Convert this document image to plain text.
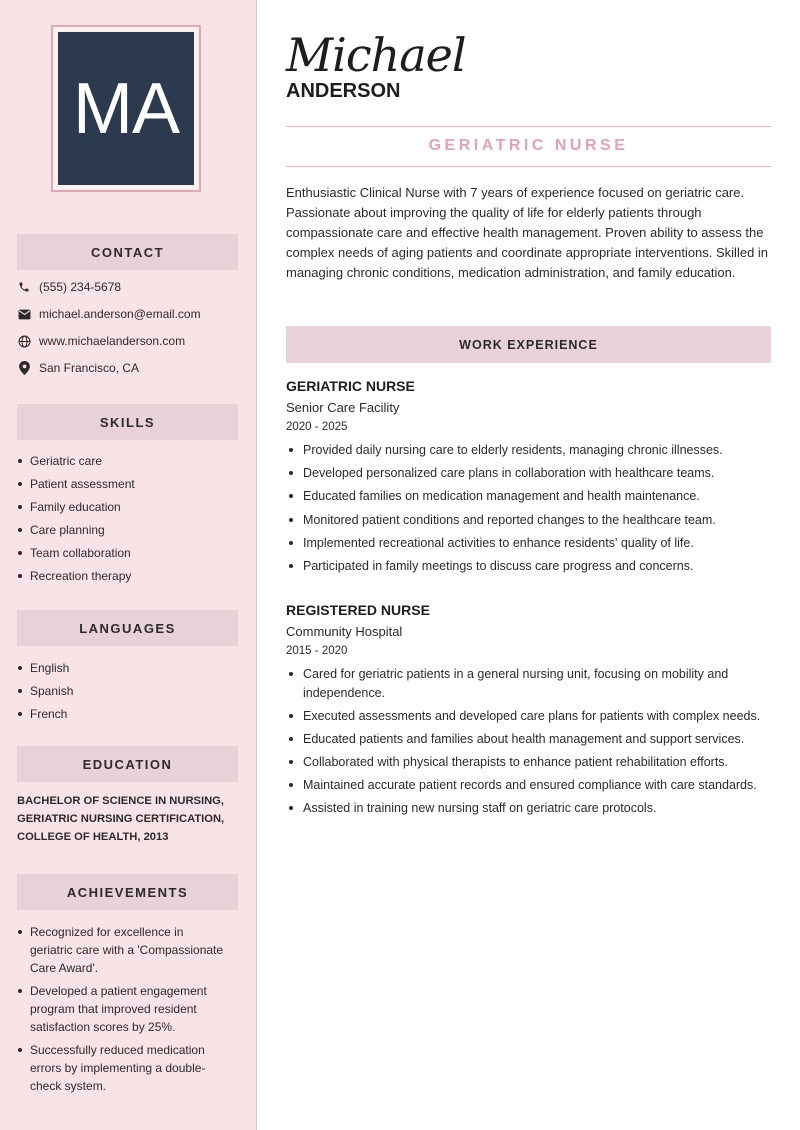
MA
CONTACT
(555) 234-5678
michael.anderson@email.com
www.michaelanderson.com
San Francisco, CA
SKILLS
Geriatric care
Patient assessment
Family education
Care planning
Team collaboration
Recreation therapy
LANGUAGES
English
Spanish
French
EDUCATION
BACHELOR OF SCIENCE IN NURSING, GERIATRIC NURSING CERTIFICATION, COLLEGE OF HEALTH, 2013
ACHIEVEMENTS
Recognized for excellence in geriatric care with a 'Compassionate Care Award'.
Developed a patient engagement program that improved resident satisfaction scores by 25%.
Successfully reduced medication errors by implementing a double-check system.
Michael
ANDERSON
GERIATRIC NURSE
Enthusiastic Clinical Nurse with 7 years of experience focused on geriatric care. Passionate about improving the quality of life for elderly patients through compassionate care and effective health management. Proven ability to assess the complex needs of aging patients and coordinate appropriate interventions. Skilled in managing chronic conditions, medication administration, and family education.
WORK EXPERIENCE
GERIATRIC NURSE
Senior Care Facility
2020 - 2025
Provided daily nursing care to elderly residents, managing chronic illnesses.
Developed personalized care plans in collaboration with healthcare teams.
Educated families on medication management and health maintenance.
Monitored patient conditions and reported changes to the healthcare team.
Implemented recreational activities to enhance residents' quality of life.
Participated in family meetings to discuss care progress and concerns.
REGISTERED NURSE
Community Hospital
2015 - 2020
Cared for geriatric patients in a general nursing unit, focusing on mobility and independence.
Executed assessments and developed care plans for patients with complex needs.
Educated patients and families about health management and support services.
Collaborated with physical therapists to enhance patient rehabilitation efforts.
Maintained accurate patient records and ensured compliance with care standards.
Assisted in training new nursing staff on geriatric care protocols.
